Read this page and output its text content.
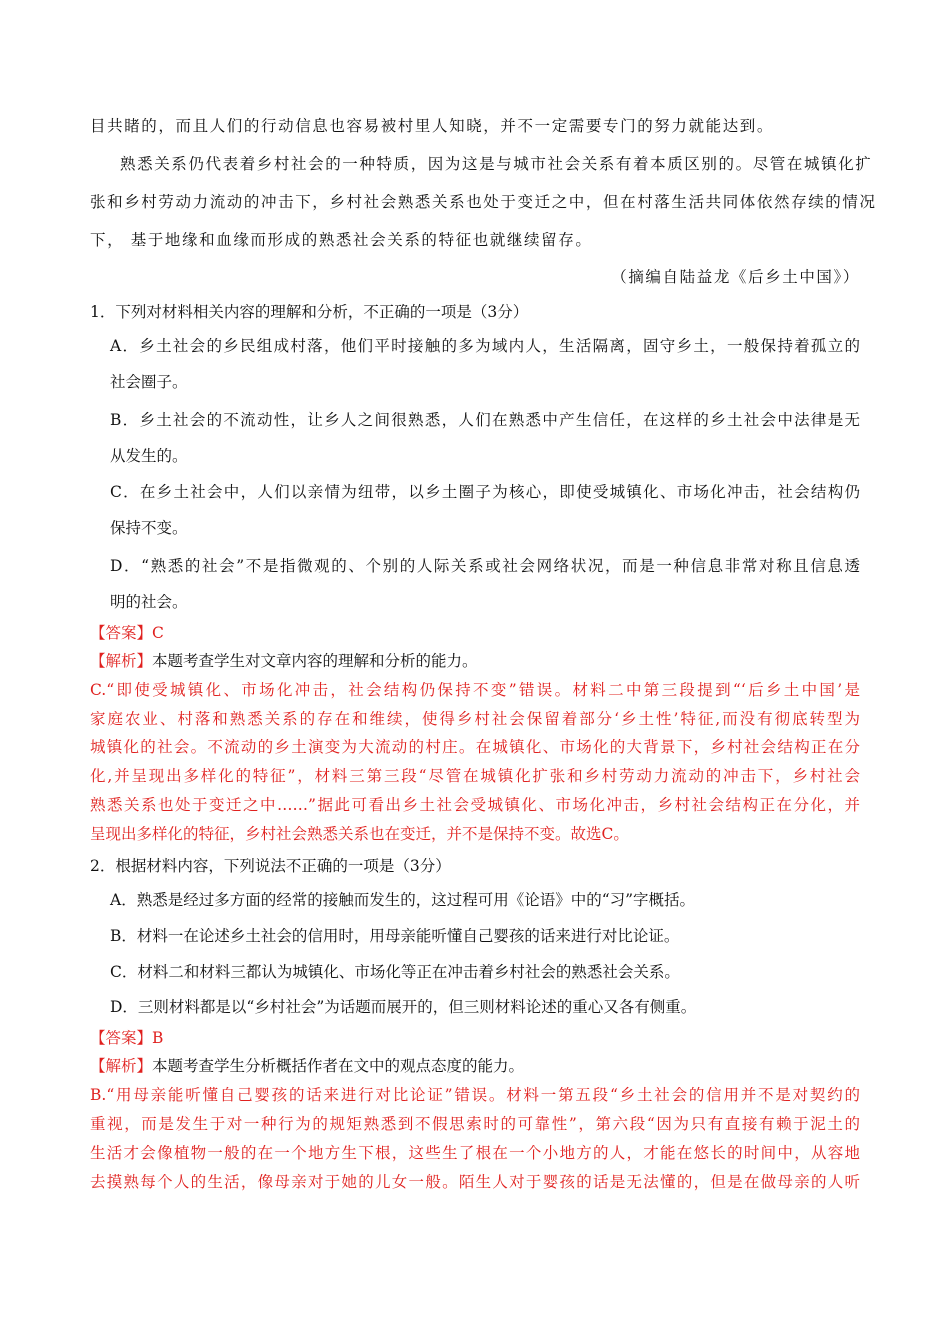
目共睹的，而且人们的行动信息也容易被村里人知晓，并不一定需要专门的努力就能达到。
熟悉关系仍代表着乡村社会的一种特质，因为这是与城市社会关系有着本质区别的。尽管在城镇化扩
张和乡村劳动力流动的冲击下，乡村社会熟悉关系也处于变迁之中，但在村落生活共同体依然存续的情况
下， 基于地缘和血缘而形成的熟悉社会关系的特征也就继续留存。
（摘编自陆益龙《后乡土中国》）
1．下列对材料相关内容的理解和分析，不正确的一项是（3分）
A．乡土社会的乡民组成村落，他们平时接触的多为域内人，生活隔离，固守乡土，一般保持着孤立的
社会圈子。
B．乡土社会的不流动性，让乡人之间很熟悉，人们在熟悉中产生信任，在这样的乡土社会中法律是无
从发生的。
C．在乡土社会中，人们以亲情为纽带，以乡土圈子为核心，即使受城镇化、市场化冲击，社会结构仍
保持不变。
D．“熟悉的社会”不是指微观的、个别的人际关系或社会网络状况，而是一种信息非常对称且信息透
明的社会。
【答案】C
【解析】本题考查学生对文章内容的理解和分析的能力。
C.“即使受城镇化、市场化冲击，社会结构仍保持不变”错误。材料二中第三段提到“‘后乡土中国’是
家庭农业、村落和熟悉关系的存在和维续，使得乡村社会保留着部分‘乡土性’特征,而没有彻底转型为
城镇化的社会。不流动的乡土演变为大流动的村庄。在城镇化、市场化的大背景下，乡村社会结构正在分
化,并呈现出多样化的特征”，材料三第三段“尽管在城镇化扩张和乡村劳动力流动的冲击下，乡村社会
熟悉关系也处于变迁之中……”据此可看出乡土社会受城镇化、市场化冲击，乡村社会结构正在分化，并
呈现出多样化的特征，乡村社会熟悉关系也在变迁，并不是保持不变。故选C。
2．根据材料内容，下列说法不正确的一项是（3分）
A．熟悉是经过多方面的经常的接触而发生的，这过程可用《论语》中的“习”字概括。
B．材料一在论述乡土社会的信用时，用母亲能听懂自己婴孩的话来进行对比论证。
C．材料二和材料三都认为城镇化、市场化等正在冲击着乡村社会的熟悉社会关系。
D．三则材料都是以“乡村社会”为话题而展开的，但三则材料论述的重心又各有侧重。
【答案】B
【解析】本题考查学生分析概括作者在文中的观点态度的能力。
B.“用母亲能听懂自己婴孩的话来进行对比论证”错误。材料一第五段“乡土社会的信用并不是对契约的
重视，而是发生于对一种行为的规矩熟悉到不假思索时的可靠性”，第六段“因为只有直接有赖于泥土的
生活才会像植物一般的在一个地方生下根，这些生了根在一个小地方的人，才能在悠长的时间中，从容地
去摸熟每个人的生活，像母亲对于她的儿女一般。陌生人对于婴孩的话是无法懂的，但是在做母亲的人听
